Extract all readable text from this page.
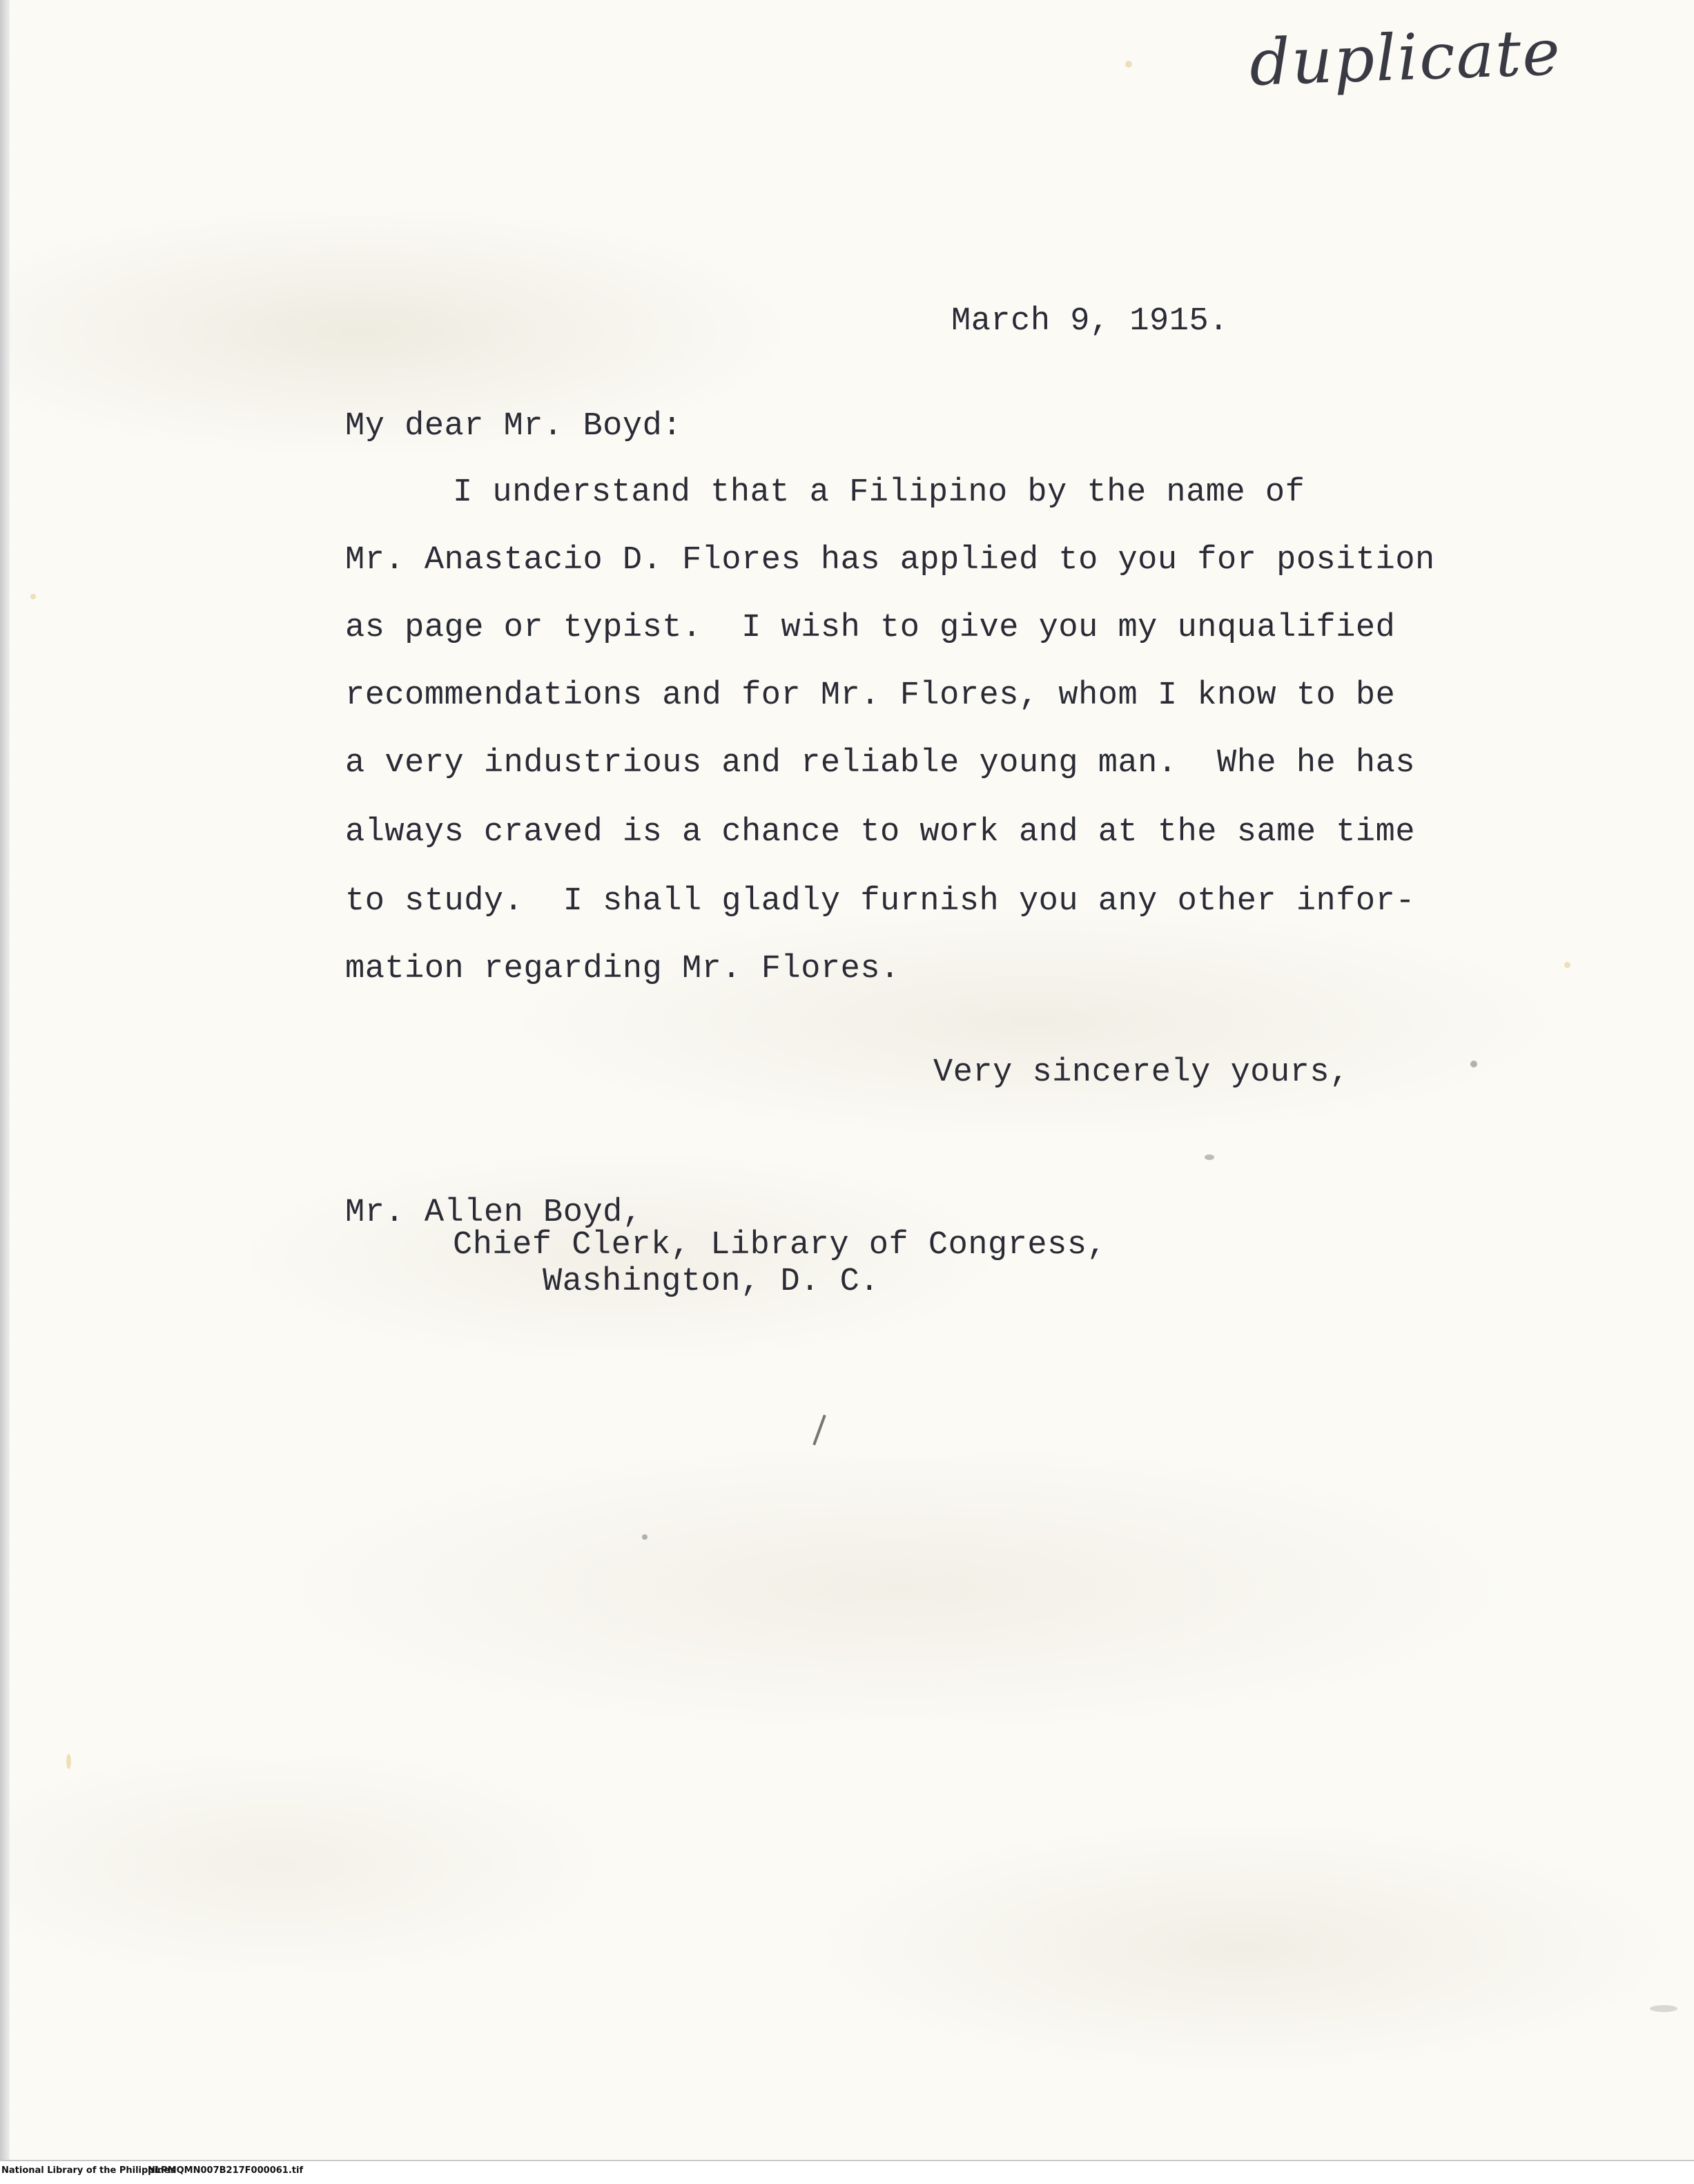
duplicate
March 9, 1915.
My dear Mr. Boyd:
I understand that a Filipino by the name of
Mr. Anastacio D. Flores has applied to you for position
as page or typist.  I wish to give you my unqualified
recommendations and for Mr. Flores, whom I know to be
a very industrious and reliable young man.  Whe he has
always craved is a chance to work and at the same time
to study.  I shall gladly furnish you any other infor-
mation regarding Mr. Flores.
Very sincerely yours,
Mr. Allen Boyd,
Chief Clerk, Library of Congress,
Washington, D. C.
National Library of the Philippines
NLPMQMN007B217F000061.tif
